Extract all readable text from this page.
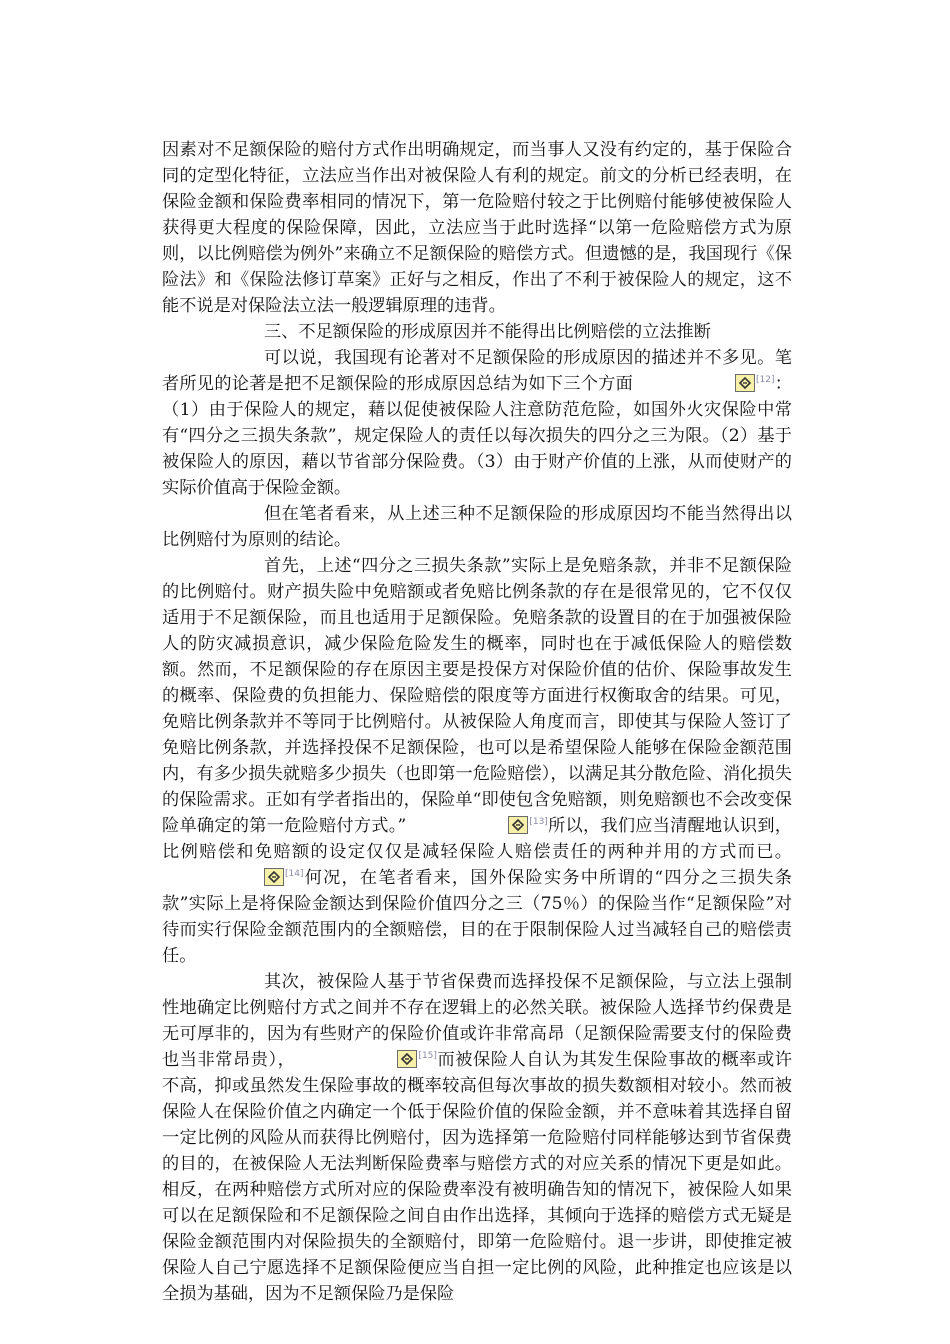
因素对不足额保险的赔付方式作出明确规定，而当事人又没有约定的，基于保险合同的定型化特征，立法应当作出对被保险人有利的规定。前文的分析已经表明，在保险金额和保险费率相同的情况下，第一危险赔付较之于比例赔付能够使被保险人获得更大程度的保险保障，因此，立法应当于此时选择“以第一危险赔偿方式为原则，以比例赔偿为例外”来确立不足额保险的赔偿方式。但遗憾的是，我国现行《保险法》和《保险法修订草案》正好与之相反，作出了不利于被保险人的规定，这不能不说是对保险法立法一般逻辑原理的违背。

三、不足额保险的形成原因并不能得出比例赔偿的立法推断

可以说，我国现有论著对不足额保险的形成原因的描述并不多见。笔者所见的论著是把不足额保险的形成原因总结为如下三个方面	[12]：（1）由于保险人的规定，藉以促使被保险人注意防范危险，如国外火灾保险中常有“四分之三损失条款”，规定保险人的责任以每次损失的四分之三为限。（2）基于被保险人的原因，藉以节省部分保险费。（3）由于财产价值的上涨，从而使财产的实际价值高于保险金额。

但在笔者看来，从上述三种不足额保险的形成原因均不能当然得出以比例赔付为原则的结论。

首先，上述“四分之三损失条款”实际上是免赔条款，并非不足额保险的比例赔付。财产损失险中免赔额或者免赔比例条款的存在是很常见的，它不仅仅适用于不足额保险，而且也适用于足额保险。免赔条款的设置目的在于加强被保险人的防灾减损意识，减少保险危险发生的概率，同时也在于减低保险人的赔偿数额。然而，不足额保险的存在原因主要是投保方对保险价值的估价、保险事故发生的概率、保险费的负担能力、保险赔偿的限度等方面进行权衡取舍的结果。可见，免赔比例条款并不等同于比例赔付。从被保险人角度而言，即使其与保险人签订了免赔比例条款，并选择投保不足额保险，也可以是希望保险人能够在保险金额范围内，有多少损失就赔多少损失（也即第一危险赔偿），以满足其分散危险、消化损失的保险需求。正如有学者指出的，保险单“即使包含免赔额，则免赔额也不会改变保险单确定的第一危险赔付方式。”	[13]所以，我们应当清醒地认识到，比例赔偿和免赔额的设定仅仅是减轻保险人赔偿责任的两种并用的方式而已。
[14]何况，在笔者看来，国外保险实务中所谓的“四分之三损失条款”实际上是将保险金额达到保险价值四分之三（75％）的保险当作“足额保险”对待而实行保险金额范围内的全额赔偿，目的在于限制保险人过当减轻自己的赔偿责任。

其次，被保险人基于节省保费而选择投保不足额保险，与立法上强制性地确定比例赔付方式之间并不存在逻辑上的必然关联。被保险人选择节约保费是无可厚非的，因为有些财产的保险价值或许非常高昂（足额保险需要支付的保险费也当非常昂贵），	[15]而被保险人自认为其发生保险事故的概率或许不高，抑或虽然发生保险事故的概率较高但每次事故的损失数额相对较小。然而被保险人在保险价值之内确定一个低于保险价值的保险金额，并不意味着其选择自留一定比例的风险从而获得比例赔付，因为选择第一危险赔付同样能够达到节省保费的目的，在被保险人无法判断保险费率与赔偿方式的对应关系的情况下更是如此。相反，在两种赔偿方式所对应的保险费率没有被明确告知的情况下，被保险人如果可以在足额保险和不足额保险之间自由作出选择，其倾向于选择的赔偿方式无疑是保险金额范围内对保险损失的全额赔付，即第一危险赔付。退一步讲，即使推定被保险人自己宁愿选择不足额保险便应当自担一定比例的风险，此种推定也应该是以全损为基础，因为不足额保险乃是保险
